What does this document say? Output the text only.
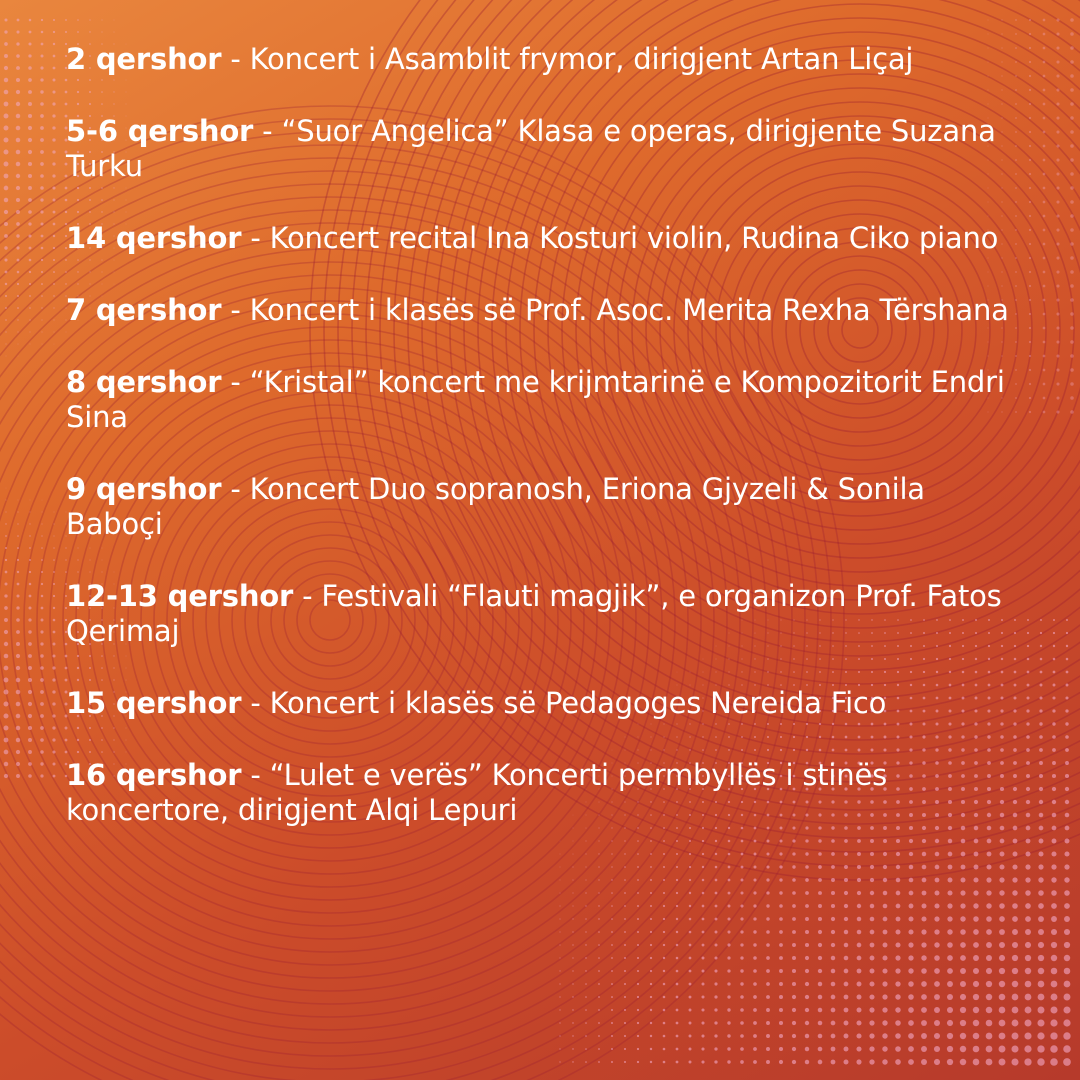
2 qershor - Koncert i Asamblit frymor, dirigjent Artan Liçaj

5-6 qershor - “Suor Angelica” Klasa e operas, dirigjente Suzana Turku

14 qershor - Koncert recital Ina Kosturi violin, Rudina Ciko piano

7 qershor - Koncert i klasës së Prof. Asoc. Merita Rexha Tërshana

8 qershor - “Kristal” koncert me krijmtarinë e Kompozitorit Endri Sina

9 qershor - Koncert Duo sopranosh, Eriona Gjyzeli & Sonila Baboçi

12-13 qershor - Festivali “Flauti magjik”, e organizon Prof. Fatos Qerimaj

15 qershor - Koncert i klasës së Pedagoges Nereida Fico

16 qershor - “Lulet e verës” Koncerti permbyllës i stinës koncertore, dirigjent Alqi Lepuri
